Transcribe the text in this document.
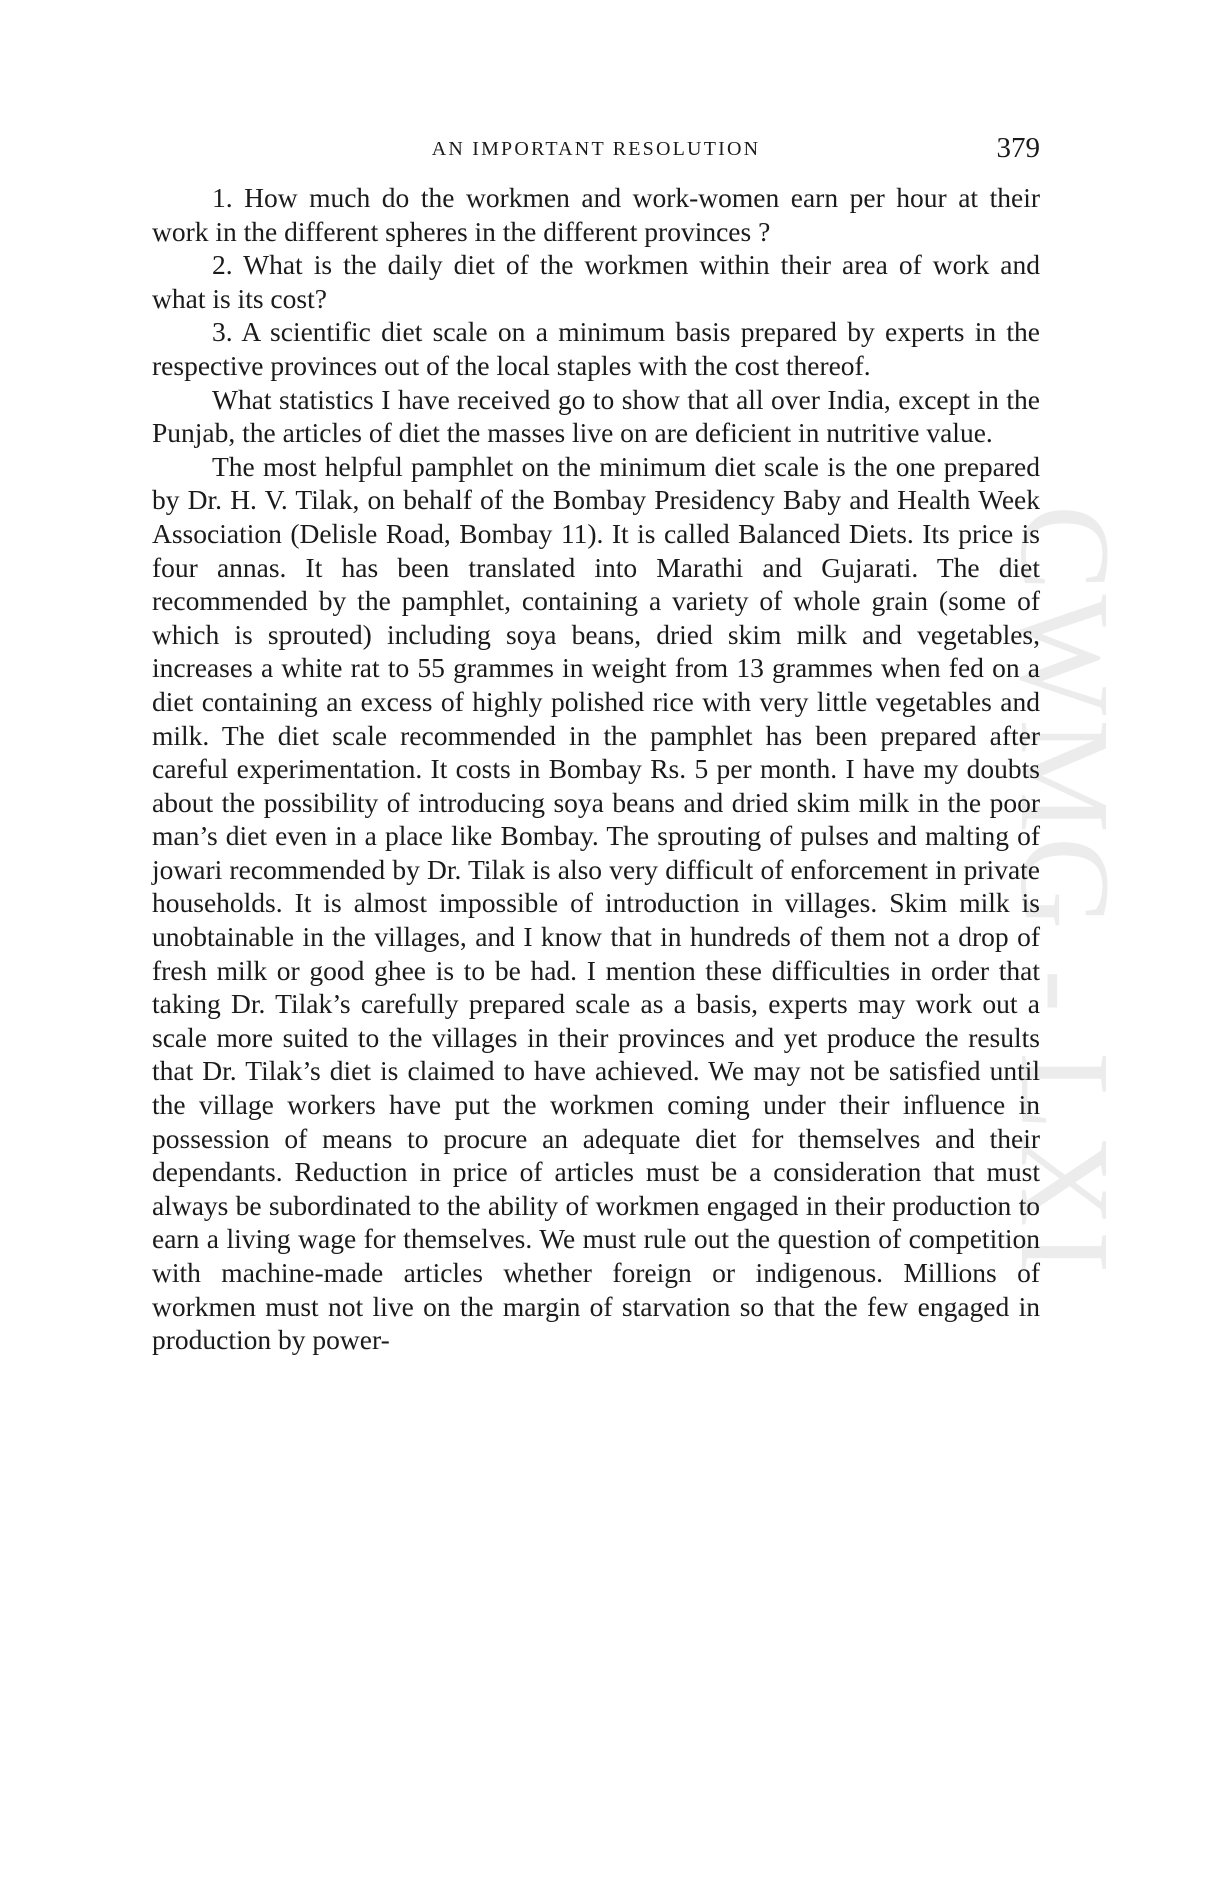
CWMG - LXI
AN IMPORTANT RESOLUTION	379

1. How much do the workmen and work-women earn per hour at their work in the different spheres in the different provinces ?

2. What is the daily diet of the workmen within their area of work and what is its cost?

3. A scientific diet scale on a minimum basis prepared by experts in the respective provinces out of the local staples with the cost thereof.

What statistics I have received go to show that all over India, except in the Punjab, the articles of diet the masses live on are deficient in nutritive value.

The most helpful pamphlet on the minimum diet scale is the one prepared by Dr. H. V. Tilak, on behalf of the Bombay Presidency Baby and Health Week Association (Delisle Road, Bombay 11). It is called Balanced Diets. Its price is four annas. It has been translated into Marathi and Gujarati. The diet recommended by the pamphlet, containing a variety of whole grain (some of which is sprouted) including soya beans, dried skim milk and vegetables, increases a white rat to 55 grammes in weight from 13 grammes when fed on a diet containing an excess of highly polished rice with very little vegetables and milk. The diet scale recommended in the pamphlet has been prepared after careful experimentation. It costs in Bombay Rs. 5 per month. I have my doubts about the possibility of introducing soya beans and dried skim milk in the poor man’s diet even in a place like Bombay. The sprouting of pulses and malting of jowari recommended by Dr. Tilak is also very difficult of enforcement in private households. It is almost impossible of introduction in villages. Skim milk is unobtainable in the villages, and I know that in hundreds of them not a drop of fresh milk or good ghee is to be had. I mention these difficulties in order that taking Dr. Tilak’s carefully prepared scale as a basis, experts may work out a scale more suited to the villages in their provinces and yet produce the results that Dr. Tilak’s diet is claimed to have achieved. We may not be satisfied until the village workers have put the workmen coming under their influence in possession of means to procure an adequate diet for themselves and their dependants. Reduction in price of articles must be a consideration that must always be subordinated to the ability of workmen engaged in their production to earn a living wage for themselves. We must rule out the question of competition with machine-made articles whether foreign or indigenous. Millions of workmen must not live on the margin of starvation so that the few engaged in production by power-
